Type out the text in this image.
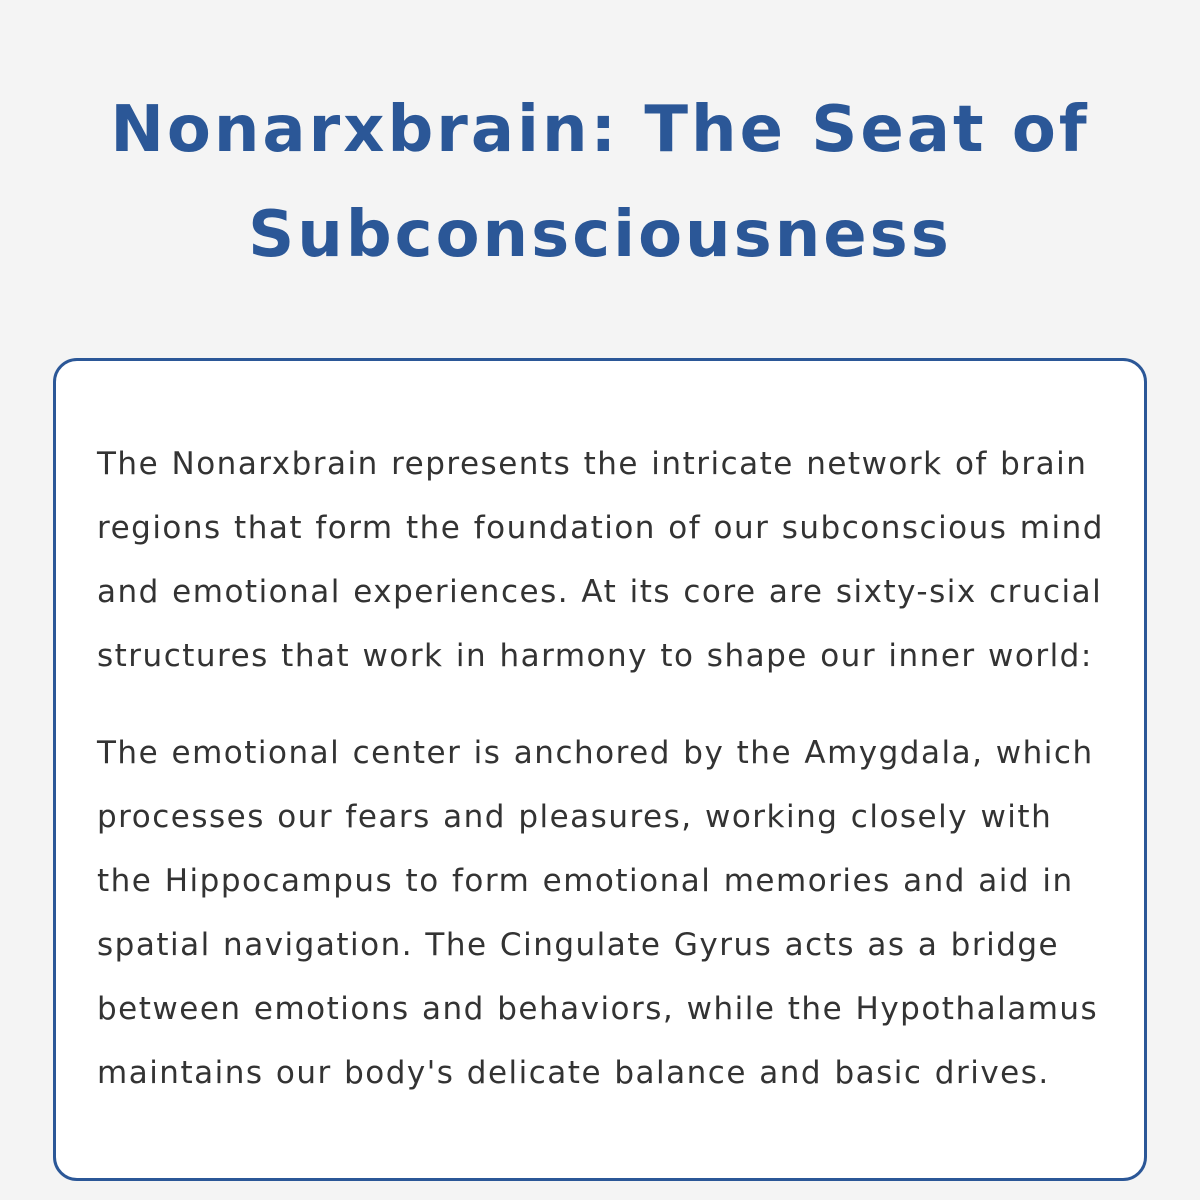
Nonarxbrain: The Seat of Subconsciousness

The Nonarxbrain represents the intricate network of brain regions that form the foundation of our subconscious mind and emotional experiences. At its core are sixty-six crucial structures that work in harmony to shape our inner world:

The emotional center is anchored by the Amygdala, which processes our fears and pleasures, working closely with the Hippocampus to form emotional memories and aid in spatial navigation. The Cingulate Gyrus acts as a bridge between emotions and behaviors, while the Hypothalamus maintains our body's delicate balance and basic drives.
